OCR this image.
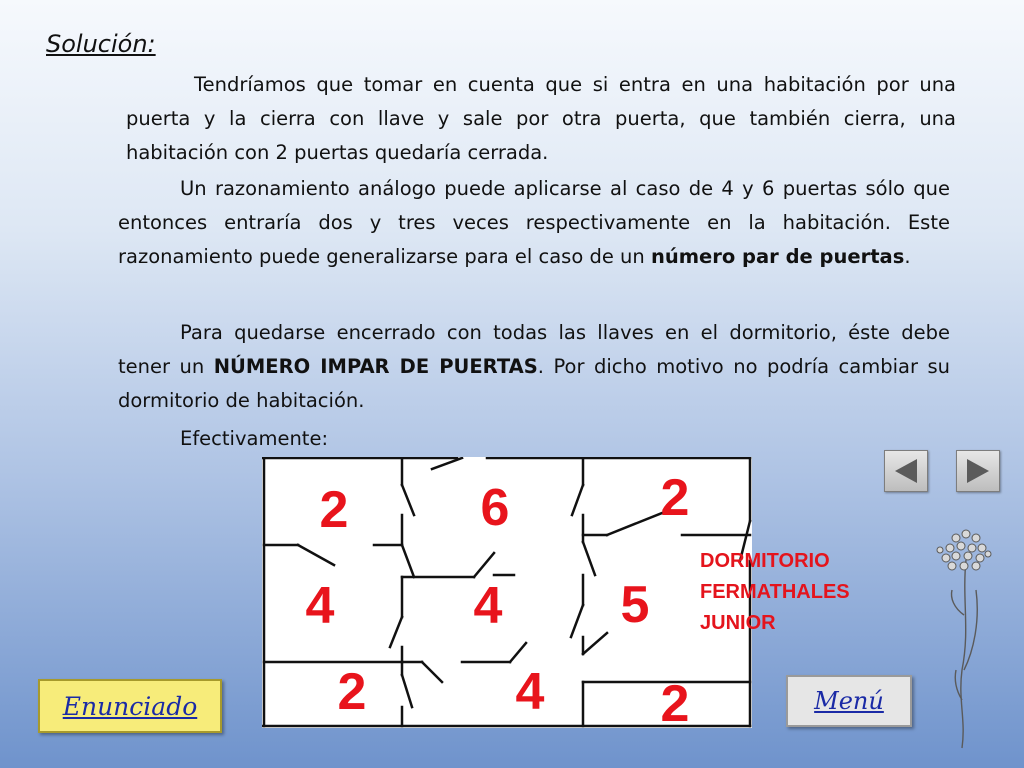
Solución:
Tendríamos que tomar en cuenta que si entra en una habitación por una puerta y la cierra con llave y sale por otra puerta, que también cierra, una habitación con 2 puertas quedaría cerrada.
Un razonamiento análogo puede aplicarse al caso de 4 y 6 puertas sólo que entonces entraría dos y tres veces respectivamente en la habitación. Este razonamiento puede generalizarse para el caso de un número par de puertas.
Para quedarse encerrado con todas las llaves en el dormitorio, éste debe tener un NÚMERO IMPAR DE PUERTAS. Por dicho motivo no podría cambiar su dormitorio de habitación.
Efectivamente:
2	6	2
4	4 5
2	4 2
DORMITORIO
FERMATHALES
JUNIOR
Enunciado	Menú
